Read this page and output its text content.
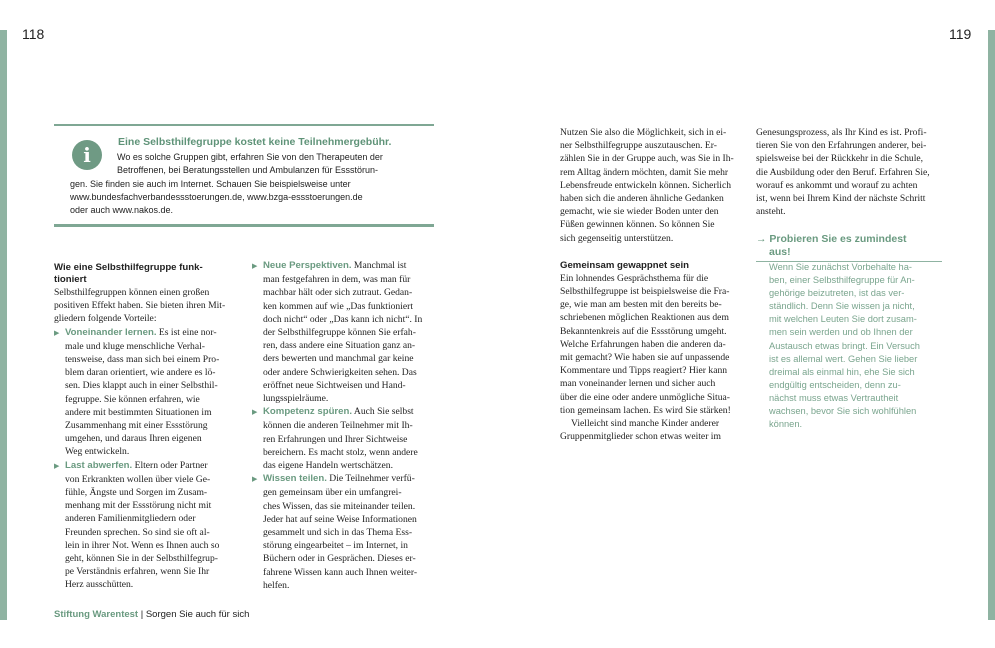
118	119
i
Eine Selbsthilfegruppe kostet keine Teilnehmergebühr.
Wo es solche Gruppen gibt, erfahren Sie von den Therapeuten der
Betroffenen, bei Beratungsstellen und Ambulanzen für Essstörun-
gen. Sie finden sie auch im Internet. Schauen Sie beispielsweise unter
www.bundesfachverbandessstoerungen.de, www.bzga-essstoerungen.de
oder auch www.nakos.de.
Wie eine Selbsthilfegruppe funk-
tioniert
Selbsthilfegruppen können einen großen
positiven Effekt haben. Sie bieten ihren Mit-
gliedern folgende Vorteile:
▶ Voneinander lernen. Es ist eine nor-
male und kluge menschliche Verhal-
tensweise, dass man sich bei einem Pro-
blem daran orientiert, wie andere es lö-
sen. Dies klappt auch in einer Selbsthil-
fegruppe. Sie können erfahren, wie
andere mit bestimmten Situationen im
Zusammenhang mit einer Essstörung
umgehen, und daraus Ihren eigenen
Weg entwickeln.
▶ Last abwerfen. Eltern oder Partner
von Erkrankten wollen über viele Ge-
fühle, Ängste und Sorgen im Zusam-
menhang mit der Essstörung nicht mit
anderen Familienmitgliedern oder
Freunden sprechen. So sind sie oft al-
lein in ihrer Not. Wenn es Ihnen auch so
geht, können Sie in der Selbsthilfegrup-
pe Verständnis erfahren, wenn Sie Ihr
Herz ausschütten.
▶ Neue Perspektiven. Manchmal ist
man festgefahren in dem, was man für
machbar hält oder sich zutraut. Gedan-
ken kommen auf wie „Das funktioniert
doch nicht“ oder „Das kann ich nicht“. In
der Selbsthilfegruppe können Sie erfah-
ren, dass andere eine Situation ganz an-
ders bewerten und manchmal gar keine
oder andere Schwierigkeiten sehen. Das
eröffnet neue Sichtweisen und Hand-
lungsspielräume.
▶ Kompetenz spüren. Auch Sie selbst
können die anderen Teilnehmer mit Ih-
ren Erfahrungen und Ihrer Sichtweise
bereichern. Es macht stolz, wenn andere
das eigene Handeln wertschätzen.
▶ Wissen teilen. Die Teilnehmer verfü-
gen gemeinsam über ein umfangrei-
ches Wissen, das sie miteinander teilen.
Jeder hat auf seine Weise Informationen
gesammelt und sich in das Thema Ess-
störung eingearbeitet – im Internet, in
Büchern oder in Gesprächen. Dieses er-
fahrene Wissen kann auch Ihnen weiter-
helfen.
Nutzen Sie also die Möglichkeit, sich in ei-
ner Selbsthilfegruppe auszutauschen. Er-
zählen Sie in der Gruppe auch, was Sie in Ih-
rem Alltag ändern möchten, damit Sie mehr
Lebensfreude entwickeln können. Sicherlich
haben sich die anderen ähnliche Gedanken
gemacht, wie sie wieder Boden unter den
Füßen gewinnen können. So können Sie
sich gegenseitig unterstützen.
Gemeinsam gewappnet sein
Ein lohnendes Gesprächsthema für die
Selbsthilfegruppe ist beispielsweise die Fra-
ge, wie man am besten mit den bereits be-
schriebenen möglichen Reaktionen aus dem
Bekanntenkreis auf die Essstörung umgeht.
Welche Erfahrungen haben die anderen da-
mit gemacht? Wie haben sie auf unpassende
Kommentare und Tipps reagiert? Hier kann
man voneinander lernen und sicher auch
über die eine oder andere unmögliche Situa-
tion gemeinsam lachen. Es wird Sie stärken!
Vielleicht sind manche Kinder anderer
Gruppenmitglieder schon etwas weiter im
Genesungsprozess, als Ihr Kind es ist. Profi-
tieren Sie von den Erfahrungen anderer, bei-
spielsweise bei der Rückkehr in die Schule,
die Ausbildung oder den Beruf. Erfahren Sie,
worauf es ankommt und worauf zu achten
ist, wenn bei Ihrem Kind der nächste Schritt
ansteht.
→ Probieren Sie es zumindest
aus!
Wenn Sie zunächst Vorbehalte ha-
ben, einer Selbsthilfegruppe für An-
gehörige beizutreten, ist das ver-
ständlich. Denn Sie wissen ja nicht,
mit welchen Leuten Sie dort zusam-
men sein werden und ob Ihnen der
Austausch etwas bringt. Ein Versuch
ist es allemal wert. Gehen Sie lieber
dreimal als einmal hin, ehe Sie sich
endgültig entscheiden, denn zu-
nächst muss etwas Vertrautheit
wachsen, bevor Sie sich wohlfühlen
können.
Stiftung Warentest | Sorgen Sie auch für sich
